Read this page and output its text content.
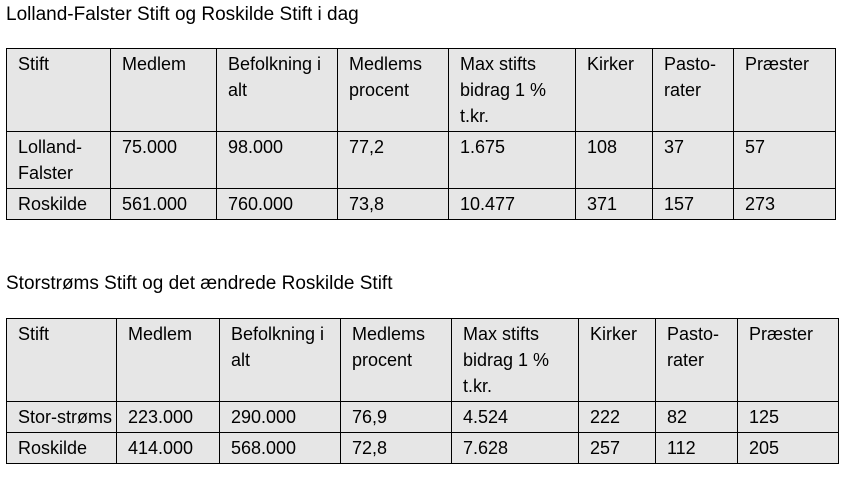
Lolland-Falster Stift og Roskilde Stift i dag
Stift	Medlem	Befolkning i alt	Medlems procent	Max stifts bidrag 1 % t.kr.	Kirker	Pasto-rater	Præster
Lolland-Falster	75.000	98.000	77,2	1.675	108	37	57
Roskilde	561.000	760.000	73,8	10.477	371	157	273
Storstrøms Stift og det ændrede Roskilde Stift
Stift	Medlem	Befolkning i alt	Medlems procent	Max stifts bidrag 1 % t.kr.	Kirker	Pasto-rater	Præster
Stor-strøms	223.000	290.000	76,9	4.524	222	82	125
Roskilde	414.000	568.000	72,8	7.628	257	112	205
